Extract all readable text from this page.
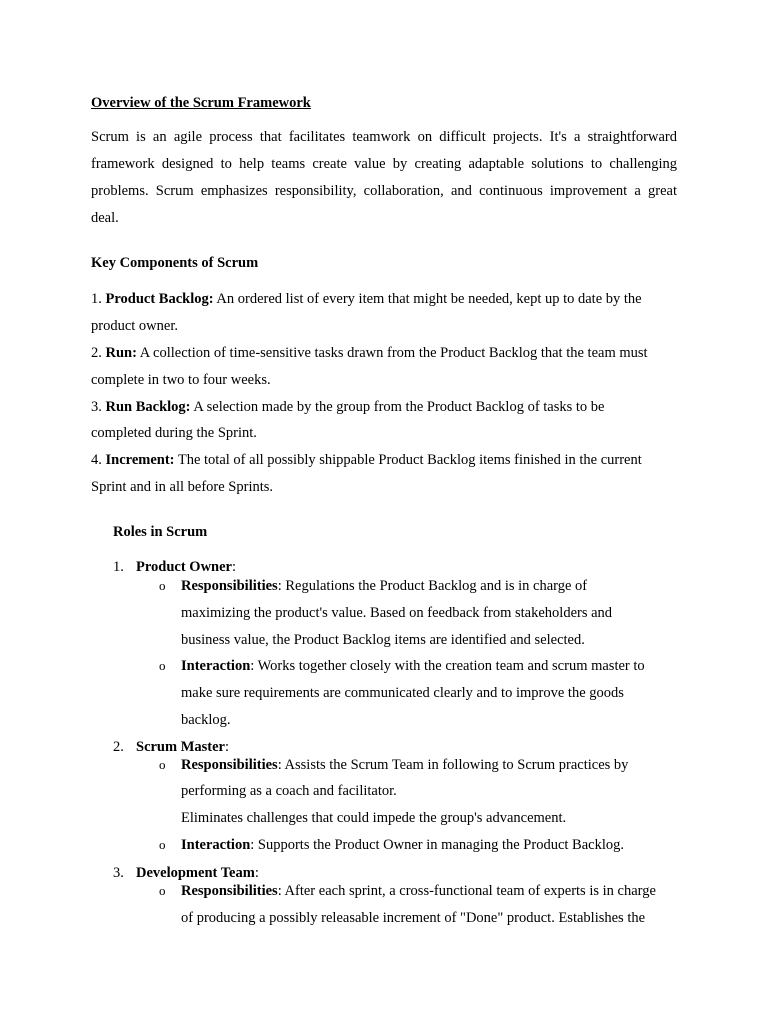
Overview of the Scrum Framework
Scrum is an agile process that facilitates teamwork on difficult projects. It's a straightforward
framework designed to help teams create value by creating adaptable solutions to challenging
problems. Scrum emphasizes responsibility, collaboration, and continuous improvement a great
deal.
Key Components of Scrum
1. Product Backlog: An ordered list of every item that might be needed, kept up to date by the
product owner.
2. Run: A collection of time-sensitive tasks drawn from the Product Backlog that the team must
complete in two to four weeks.
3. Run Backlog: A selection made by the group from the Product Backlog of tasks to be
completed during the Sprint.
4. Increment: The total of all possibly shippable Product Backlog items finished in the current
Sprint and in all before Sprints.
Roles in Scrum
1. Product Owner:
o Responsibilities: Regulations the Product Backlog and is in charge of
maximizing the product's value. Based on feedback from stakeholders and
business value, the Product Backlog items are identified and selected.
o Interaction: Works together closely with the creation team and scrum master to
make sure requirements are communicated clearly and to improve the goods
backlog.
2. Scrum Master:
o Responsibilities: Assists the Scrum Team in following to Scrum practices by
performing as a coach and facilitator.
Eliminates challenges that could impede the group's advancement.
o Interaction: Supports the Product Owner in managing the Product Backlog.
3. Development Team:
o Responsibilities: After each sprint, a cross-functional team of experts is in charge
of producing a possibly releasable increment of "Done" product. Establishes the
